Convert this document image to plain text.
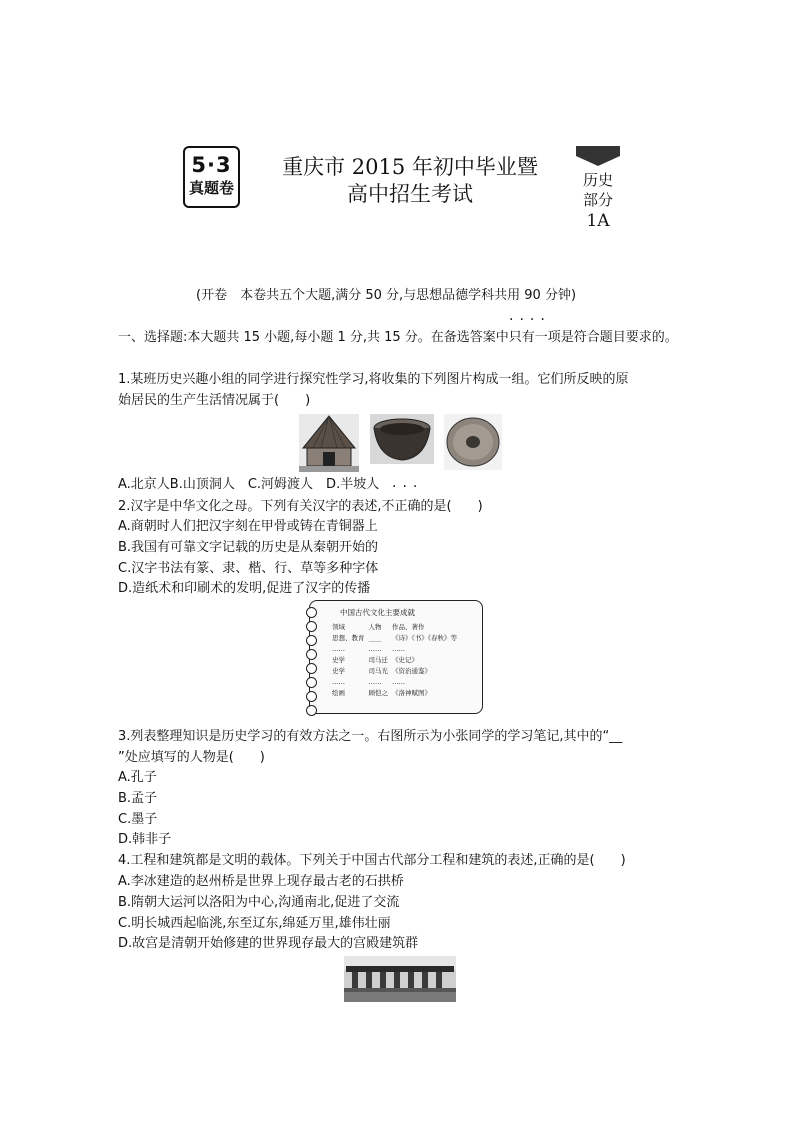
5·3
真题卷
重庆市 2015 年初中毕业暨
高中招生考试
历史
部分
1A
(开卷　本卷共五个大题,满分 50 分,与思想品德学科共用 90 分钟)
····
一、选择题:本大题共 15 小题,每小题 1 分,共 15 分。在备选答案中只有一项是符合题目要求的。
1.某班历史兴趣小组的同学进行探究性学习,将收集的下列图片构成一组。它们所反映的原
始居民的生产生活情况属于(　　)
A.北京人B.山顶洞人　C.河姆渡人　D.半坡人 ···
2.汉字是中华文化之母。下列有关汉字的表述,不正确的是(　　)
A.商朝时人们把汉字刻在甲骨或铸在青铜器上
B.我国有可靠文字记载的历史是从秦朝开始的
C.汉字书法有篆、隶、楷、行、草等多种字体
D.造纸术和印刷术的发明,促进了汉字的传播
中国古代文化主要成就
领域	人物	作品、著作
思想、教育	____	《诗》《书》《春秋》等
……	……	……
史学	司马迁	《史记》
史学	司马光	《资治通鉴》
……	……	……
绘画	顾恺之	《洛神赋图》
3.列表整理知识是历史学习的有效方法之一。右图所示为小张同学的学习笔记,其中的“__
”处应填写的人物是(　　)
A.孔子
B.孟子
C.墨子
D.韩非子
4.工程和建筑都是文明的载体。下列关于中国古代部分工程和建筑的表述,正确的是(　　)
A.李冰建造的赵州桥是世界上现存最古老的石拱桥
B.隋朝大运河以洛阳为中心,沟通南北,促进了交流
C.明长城西起临洮,东至辽东,绵延万里,雄伟壮丽
D.故宫是清朝开始修建的世界现存最大的宫殿建筑群
